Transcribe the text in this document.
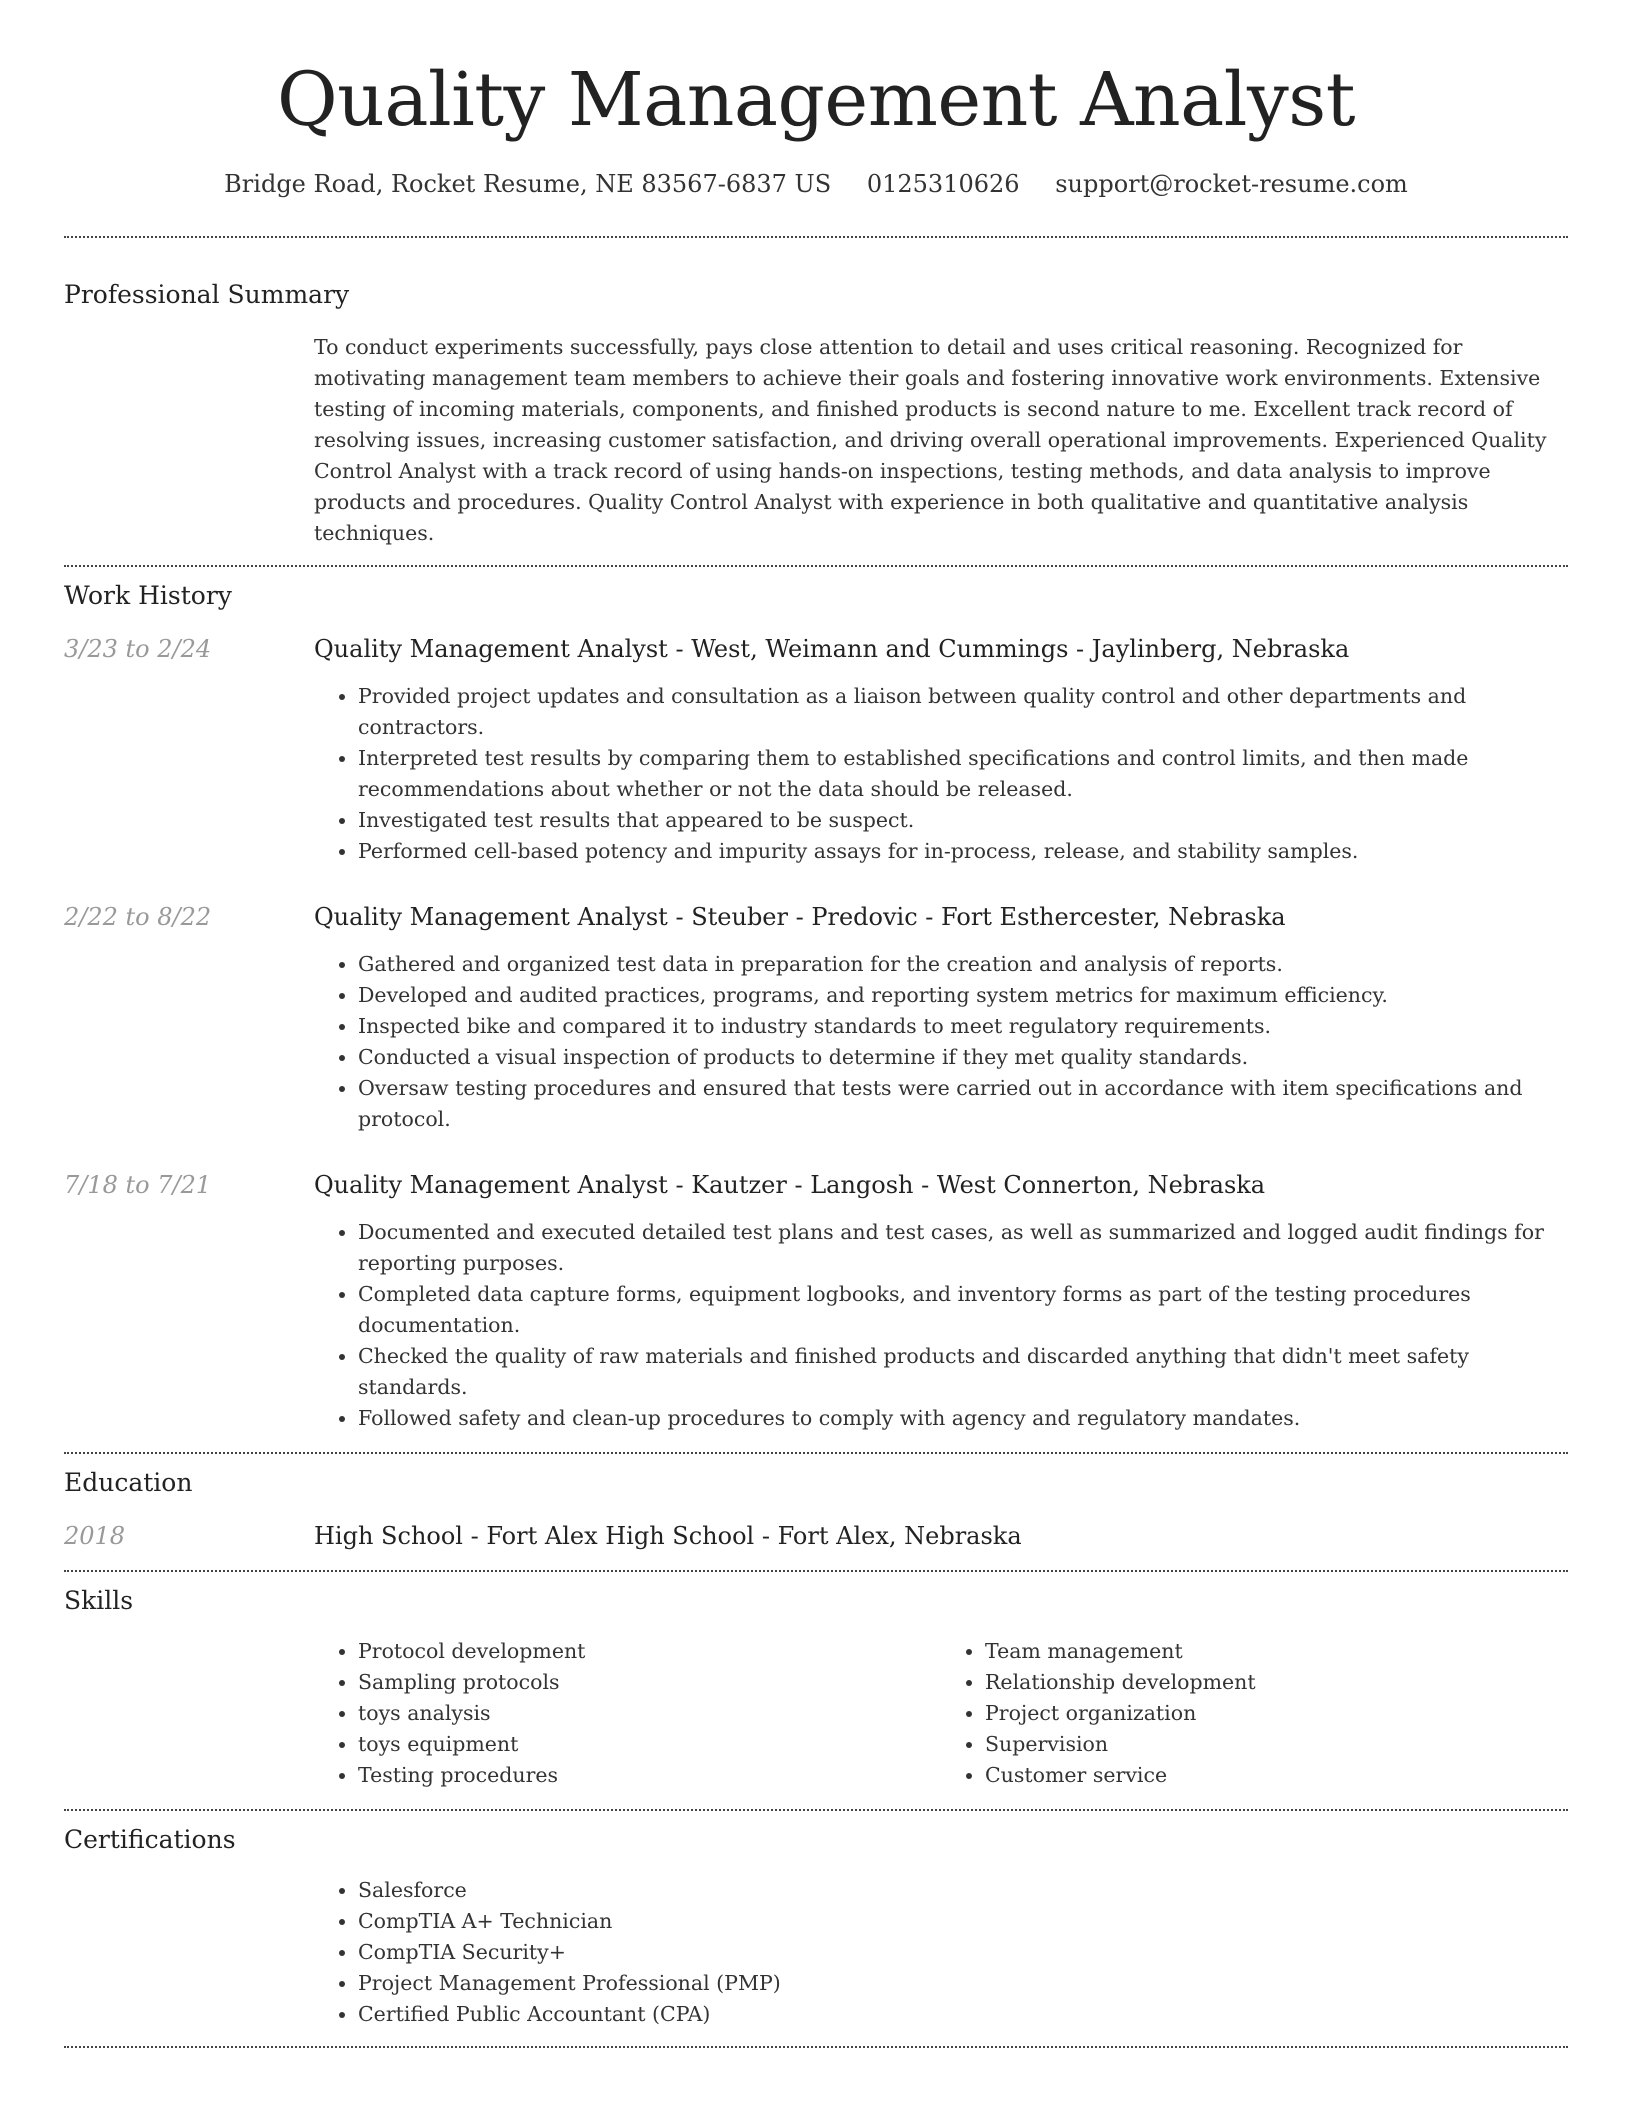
Quality Management Analyst
Bridge Road, Rocket Resume, NE 83567-6837 US 0125310626 support@rocket-resume.com
Professional Summary

To conduct experiments successfully, pays close attention to detail and uses critical reasoning. Recognized for motivating management team members to achieve their goals and fostering innovative work environments. Extensive testing of incoming materials, components, and finished products is second nature to me. Excellent track record of resolving issues, increasing customer satisfaction, and driving overall operational improvements. Experienced Quality Control Analyst with a track record of using hands-on inspections, testing methods, and data analysis to improve products and procedures. Quality Control Analyst with experience in both qualitative and quantitative analysis techniques.

Work History
3/23 to 2/24	Quality Management Analyst - West, Weimann and Cummings - Jaylinberg, Nebraska
• Provided project updates and consultation as a liaison between quality control and other departments and contractors.
• Interpreted test results by comparing them to established specifications and control limits, and then made recommendations about whether or not the data should be released.
• Investigated test results that appeared to be suspect.
• Performed cell-based potency and impurity assays for in-process, release, and stability samples.
2/22 to 8/22	Quality Management Analyst - Steuber - Predovic - Fort Esthercester, Nebraska
• Gathered and organized test data in preparation for the creation and analysis of reports.
• Developed and audited practices, programs, and reporting system metrics for maximum efficiency.
• Inspected bike and compared it to industry standards to meet regulatory requirements.
• Conducted a visual inspection of products to determine if they met quality standards.
• Oversaw testing procedures and ensured that tests were carried out in accordance with item specifications and protocol.
7/18 to 7/21	Quality Management Analyst - Kautzer - Langosh - West Connerton, Nebraska
• Documented and executed detailed test plans and test cases, as well as summarized and logged audit findings for reporting purposes.
• Completed data capture forms, equipment logbooks, and inventory forms as part of the testing procedures documentation.
• Checked the quality of raw materials and finished products and discarded anything that didn't meet safety standards.
• Followed safety and clean-up procedures to comply with agency and regulatory mandates.
Education
2018	High School - Fort Alex High School - Fort Alex, Nebraska
Skills
• Protocol development
• Sampling protocols
• toys analysis
• toys equipment
• Testing procedures
• Team management
• Relationship development
• Project organization
• Supervision
• Customer service
Certifications
• Salesforce
• CompTIA A+ Technician
• CompTIA Security+
• Project Management Professional (PMP)
• Certified Public Accountant (CPA)
